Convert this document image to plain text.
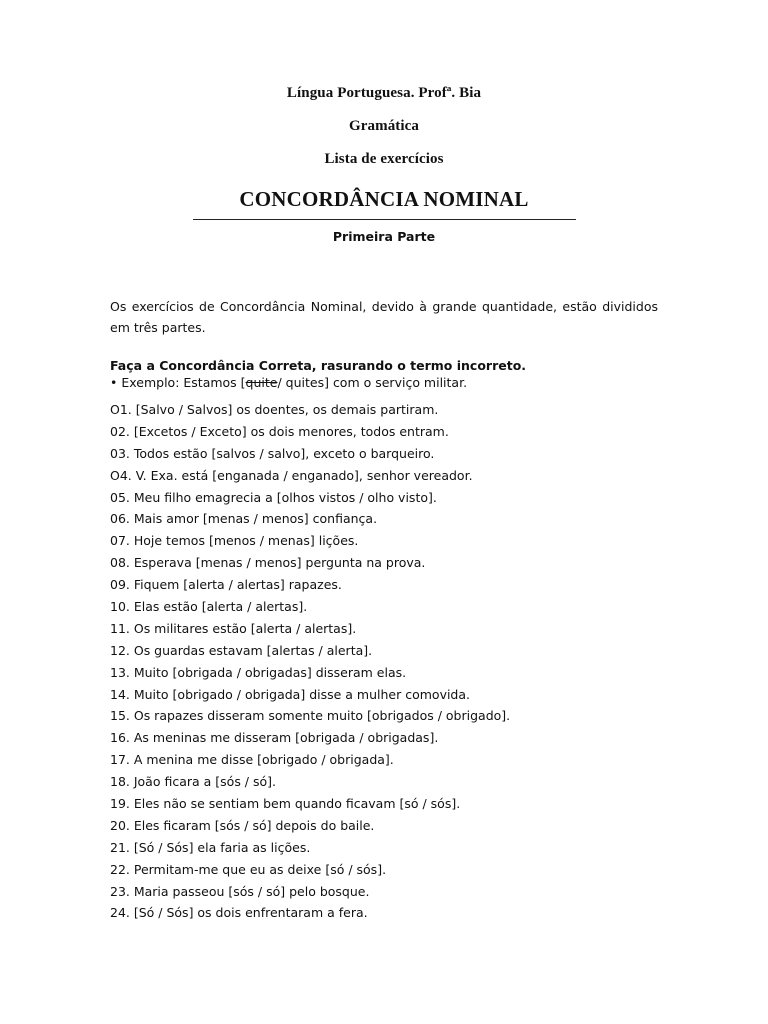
Língua Portuguesa. Profª. Bia
Gramática
Lista de exercícios
CONCORDÂNCIA NOMINAL
Primeira Parte
Os exercícios de Concordância Nominal, devido à grande quantidade, estão divididos em três partes.
Faça a Concordância Correta, rasurando o termo incorreto.
• Exemplo: Estamos [quite/ quites] com o serviço militar.
O1. [Salvo / Salvos] os doentes, os demais partiram.
02. [Excetos / Exceto] os dois menores, todos entram.
03. Todos estão [salvos / salvo], exceto o barqueiro.
O4. V. Exa. está [enganada / enganado], senhor vereador.
05. Meu filho emagrecia a [olhos vistos / olho visto].
06. Mais amor [menas / menos] confiança.
07. Hoje temos [menos / menas] lições.
08. Esperava [menas / menos] pergunta na prova.
09. Fiquem [alerta / alertas] rapazes.
10. Elas estão [alerta / alertas].
11. Os militares estão [alerta / alertas].
12. Os guardas estavam [alertas / alerta].
13. Muito [obrigada / obrigadas] disseram elas.
14. Muito [obrigado / obrigada] disse a mulher comovida.
15. Os rapazes disseram somente muito [obrigados / obrigado].
16. As meninas me disseram [obrigada / obrigadas].
17. A menina me disse [obrigado / obrigada].
18. João ficara a [sós / só].
19. Eles não se sentiam bem quando ficavam [só / sós].
20. Eles ficaram [sós / só] depois do baile.
21. [Só / Sós] ela faria as lições.
22. Permitam-me que eu as deixe [só / sós].
23. Maria passeou [sós / só] pelo bosque.
24. [Só / Sós] os dois enfrentaram a fera.
